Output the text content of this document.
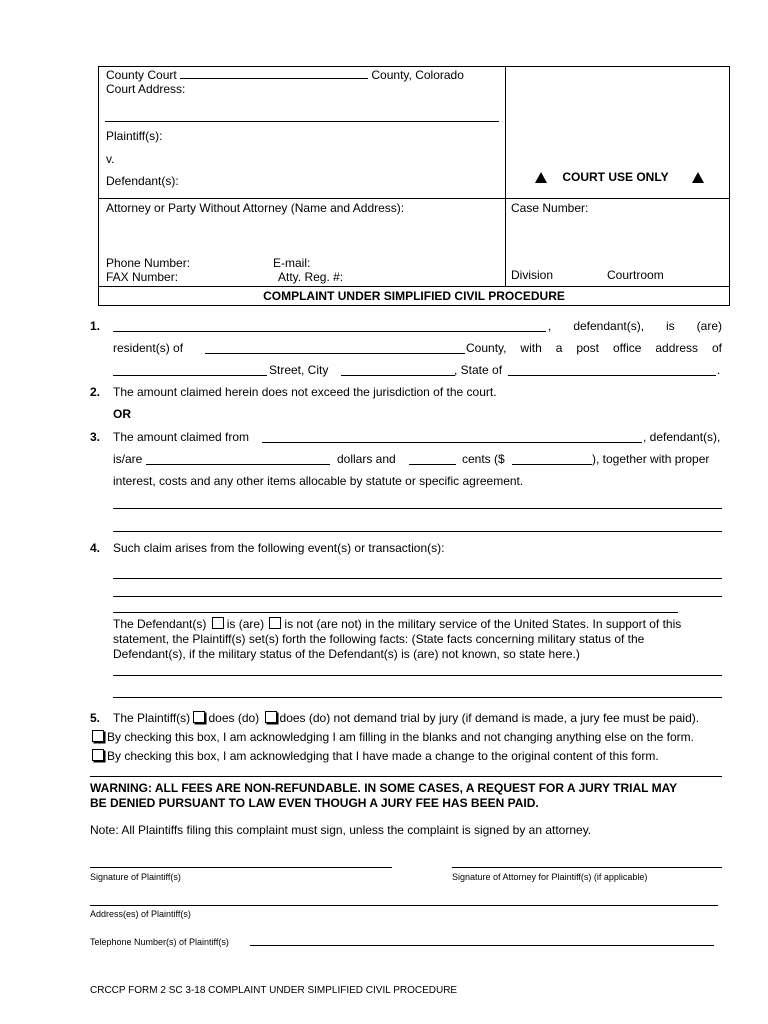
County Court	County, Colorado
Court Address:
Plaintiff(s):
v.
Defendant(s):	COURT USE ONLY
Attorney or Party Without Attorney (Name and Address):
Phone Number:	E-mail:
FAX Number:	Atty. Reg. #:
Case Number:
Division	Courtroom
COMPLAINT UNDER SIMPLIFIED CIVIL PROCEDURE
1.	, defendant(s), is (are)
resident(s) of	County, with a post office address of
Street, City	, State of	.
2. The amount claimed herein does not exceed the jurisdiction of the court.
OR
3. The amount claimed from	, defendant(s),
is/are	dollars and	cents ($	), together with proper
interest, costs and any other items allocable by statute or specific agreement.
4. Such claim arises from the following event(s) or transaction(s):
The Defendant(s) is (are) is not (are not) in the military service of the United States. In support of this
statement, the Plaintiff(s) set(s) forth the following facts: (State facts concerning military status of the
Defendant(s), if the military status of the Defendant(s) is (are) not known, so state here.)
5. The Plaintiff(s) does (do) does (do) not demand trial by jury (if demand is made, a jury fee must be paid).
By checking this box, I am acknowledging I am filling in the blanks and not changing anything else on the form.
By checking this box, I am acknowledging that I have made a change to the original content of this form.
WARNING: ALL FEES ARE NON-REFUNDABLE. IN SOME CASES, A REQUEST FOR A JURY TRIAL MAY
BE DENIED PURSUANT TO LAW EVEN THOUGH A JURY FEE HAS BEEN PAID.
Note: All Plaintiffs filing this complaint must sign, unless the complaint is signed by an attorney.
Signature of Plaintiff(s)	Signature of Attorney for Plaintiff(s) (if applicable)
Address(es) of Plaintiff(s)
Telephone Number(s) of Plaintiff(s)
CRCCP FORM 2 SC 3-18 COMPLAINT UNDER SIMPLIFIED CIVIL PROCEDURE
